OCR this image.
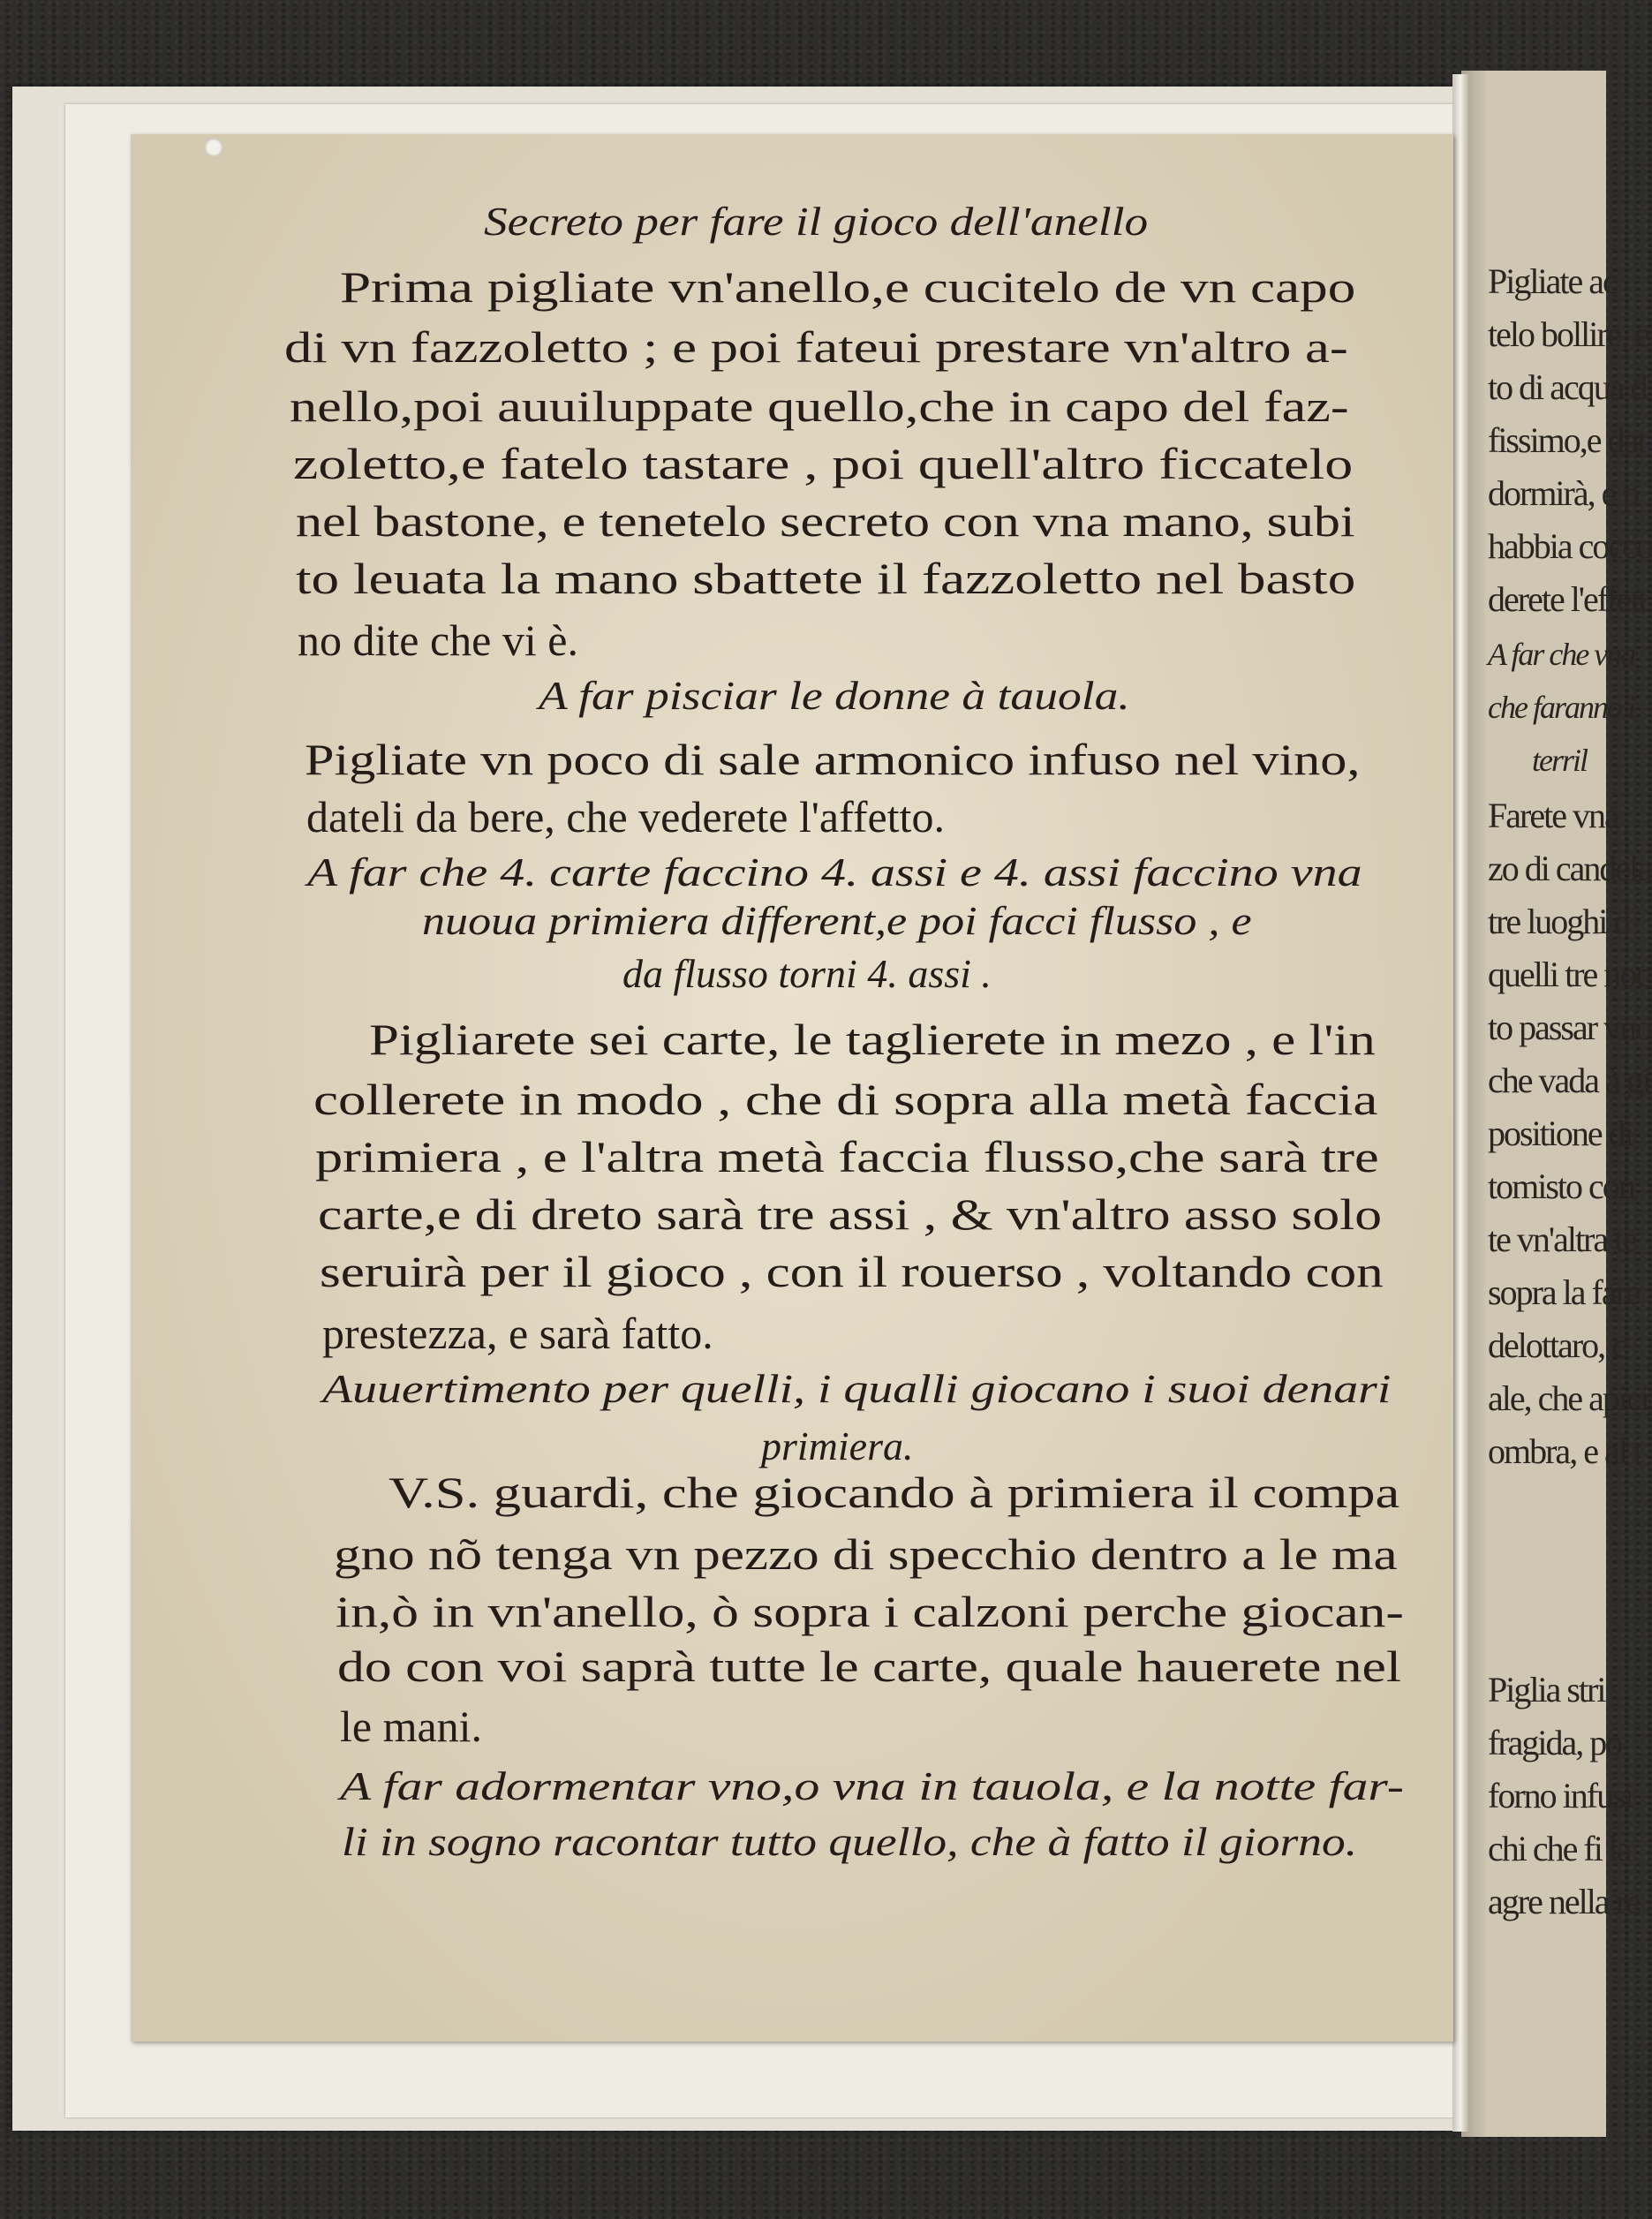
Pigliate ac
telo bollire, e
to di acqua d
fissimo,e dat
dormirà, e p
habbia cocco
derete l'effett
A far che vna
che faranno i
terril
Farete vna
zo di candela
tre luoghi d
quelli tre noc
to passar vno
che vada à gi
positione di
tomisto con
te vn'altra te
sopra la fare
delottaro, c
ale, che apici
ombra, e al t
Piglia stri
fragida, po
forno infusi
chi che fi la
agre nella re
Secreto per fare il gioco dell'anello
Prima pigliate vn'anello,e cucitelo de vn capo
di vn fazzoletto ; e poi fateui prestare vn'altro a-
nello,poi auuiluppate quello,che in capo del faz-
zoletto,e fatelo tastare , poi quell'altro ficcatelo
nel bastone, e tenetelo secreto con vna mano, subi
to leuata la mano sbattete il fazzoletto nel basto
no dite che vi è.
A far pisciar le donne à tauola.
Pigliate vn poco di sale armonico infuso nel vino,
dateli da bere, che vederete l'affetto.
A far che 4. carte faccino 4. assi e 4. assi faccino vna
nuoua primiera different,e poi facci flusso , e
da flusso torni 4. assi .
Pigliarete sei carte, le taglierete in mezo , e l'in
collerete in modo , che di sopra alla metà faccia
primiera , e l'altra metà faccia flusso,che sarà tre
carte,e di dreto sarà tre assi , & vn'altro asso solo
seruirà per il gioco , con il rouerso , voltando con
prestezza, e sarà fatto.
Auuertimento per quelli, i qualli giocano i suoi denari
primiera.
V.S. guardi, che giocando à primiera il compa
gno nõ tenga vn pezzo di specchio dentro a le ma
in,ò in vn'anello, ò sopra i calzoni perche giocan-
do con voi saprà tutte le carte, quale hauerete nel
le mani.
A far adormentar vno,o vna in tauola, e la notte far-
li in sogno racontar tutto quello, che à fatto il giorno.
